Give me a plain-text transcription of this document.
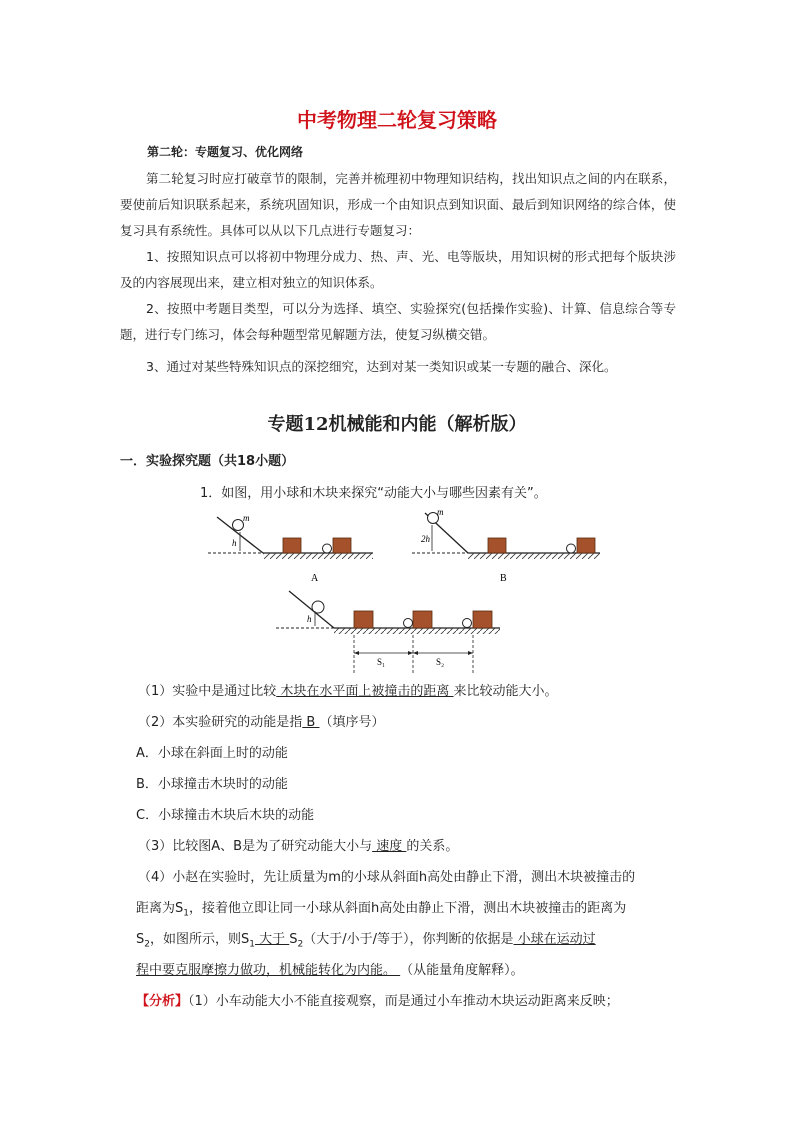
中考物理二轮复习策略
第二轮：专题复习、优化网络
第二轮复习时应打破章节的限制，完善并梳理初中物理知识结构，找出知识点之间的内在联系，要使前后知识联系起来，系统巩固知识，形成一个由知识点到知识面、最后到知识网络的综合体，使复习具有系统性。具体可以从以下几点进行专题复习：
1、按照知识点可以将初中物理分成力、热、声、光、电等版块，用知识树的形式把每个版块涉及的内容展现出来，建立相对独立的知识体系。
2、按照中考题目类型，可以分为选择、填空、实验探究(包括操作实验)、计算、信息综合等专题，进行专门练习，体会每种题型常见解题方法，使复习纵横交错。
3、通过对某些特殊知识点的深挖细究，达到对某一类知识或某一专题的融合、深化。
专题12机械能和内能（解析版）
一．实验探究题（共18小题）
1．如图，用小球和木块来探究“动能大小与哪些因素有关”。
m
h
A
m
2h
B
h
S₁	S₂
（1）实验中是通过比较 木块在水平面上被撞击的距离 来比较动能大小。
（2）本实验研究的动能是指 B （填序号）
A．小球在斜面上时的动能
B．小球撞击木块时的动能
C．小球撞击木块后木块的动能
（3）比较图A、B是为了研究动能大小与 速度 的关系。
（4）小赵在实验时，先让质量为m的小球从斜面h高处由静止下滑，测出木块被撞击的
距离为$S_1$，接着他立即让同一小球从斜面h高处由静止下滑，测出木块被撞击的距离为
$S_2$，如图所示，则$S_1$ 大于 $S_2$（大于/小于/等于），你判断的依据是 小球在运动过
程中要克服摩擦力做功，机械能转化为内能。 （从能量角度解释）。
【分析】（1）小车动能大小不能直接观察，而是通过小车推动木块运动距离来反映；
